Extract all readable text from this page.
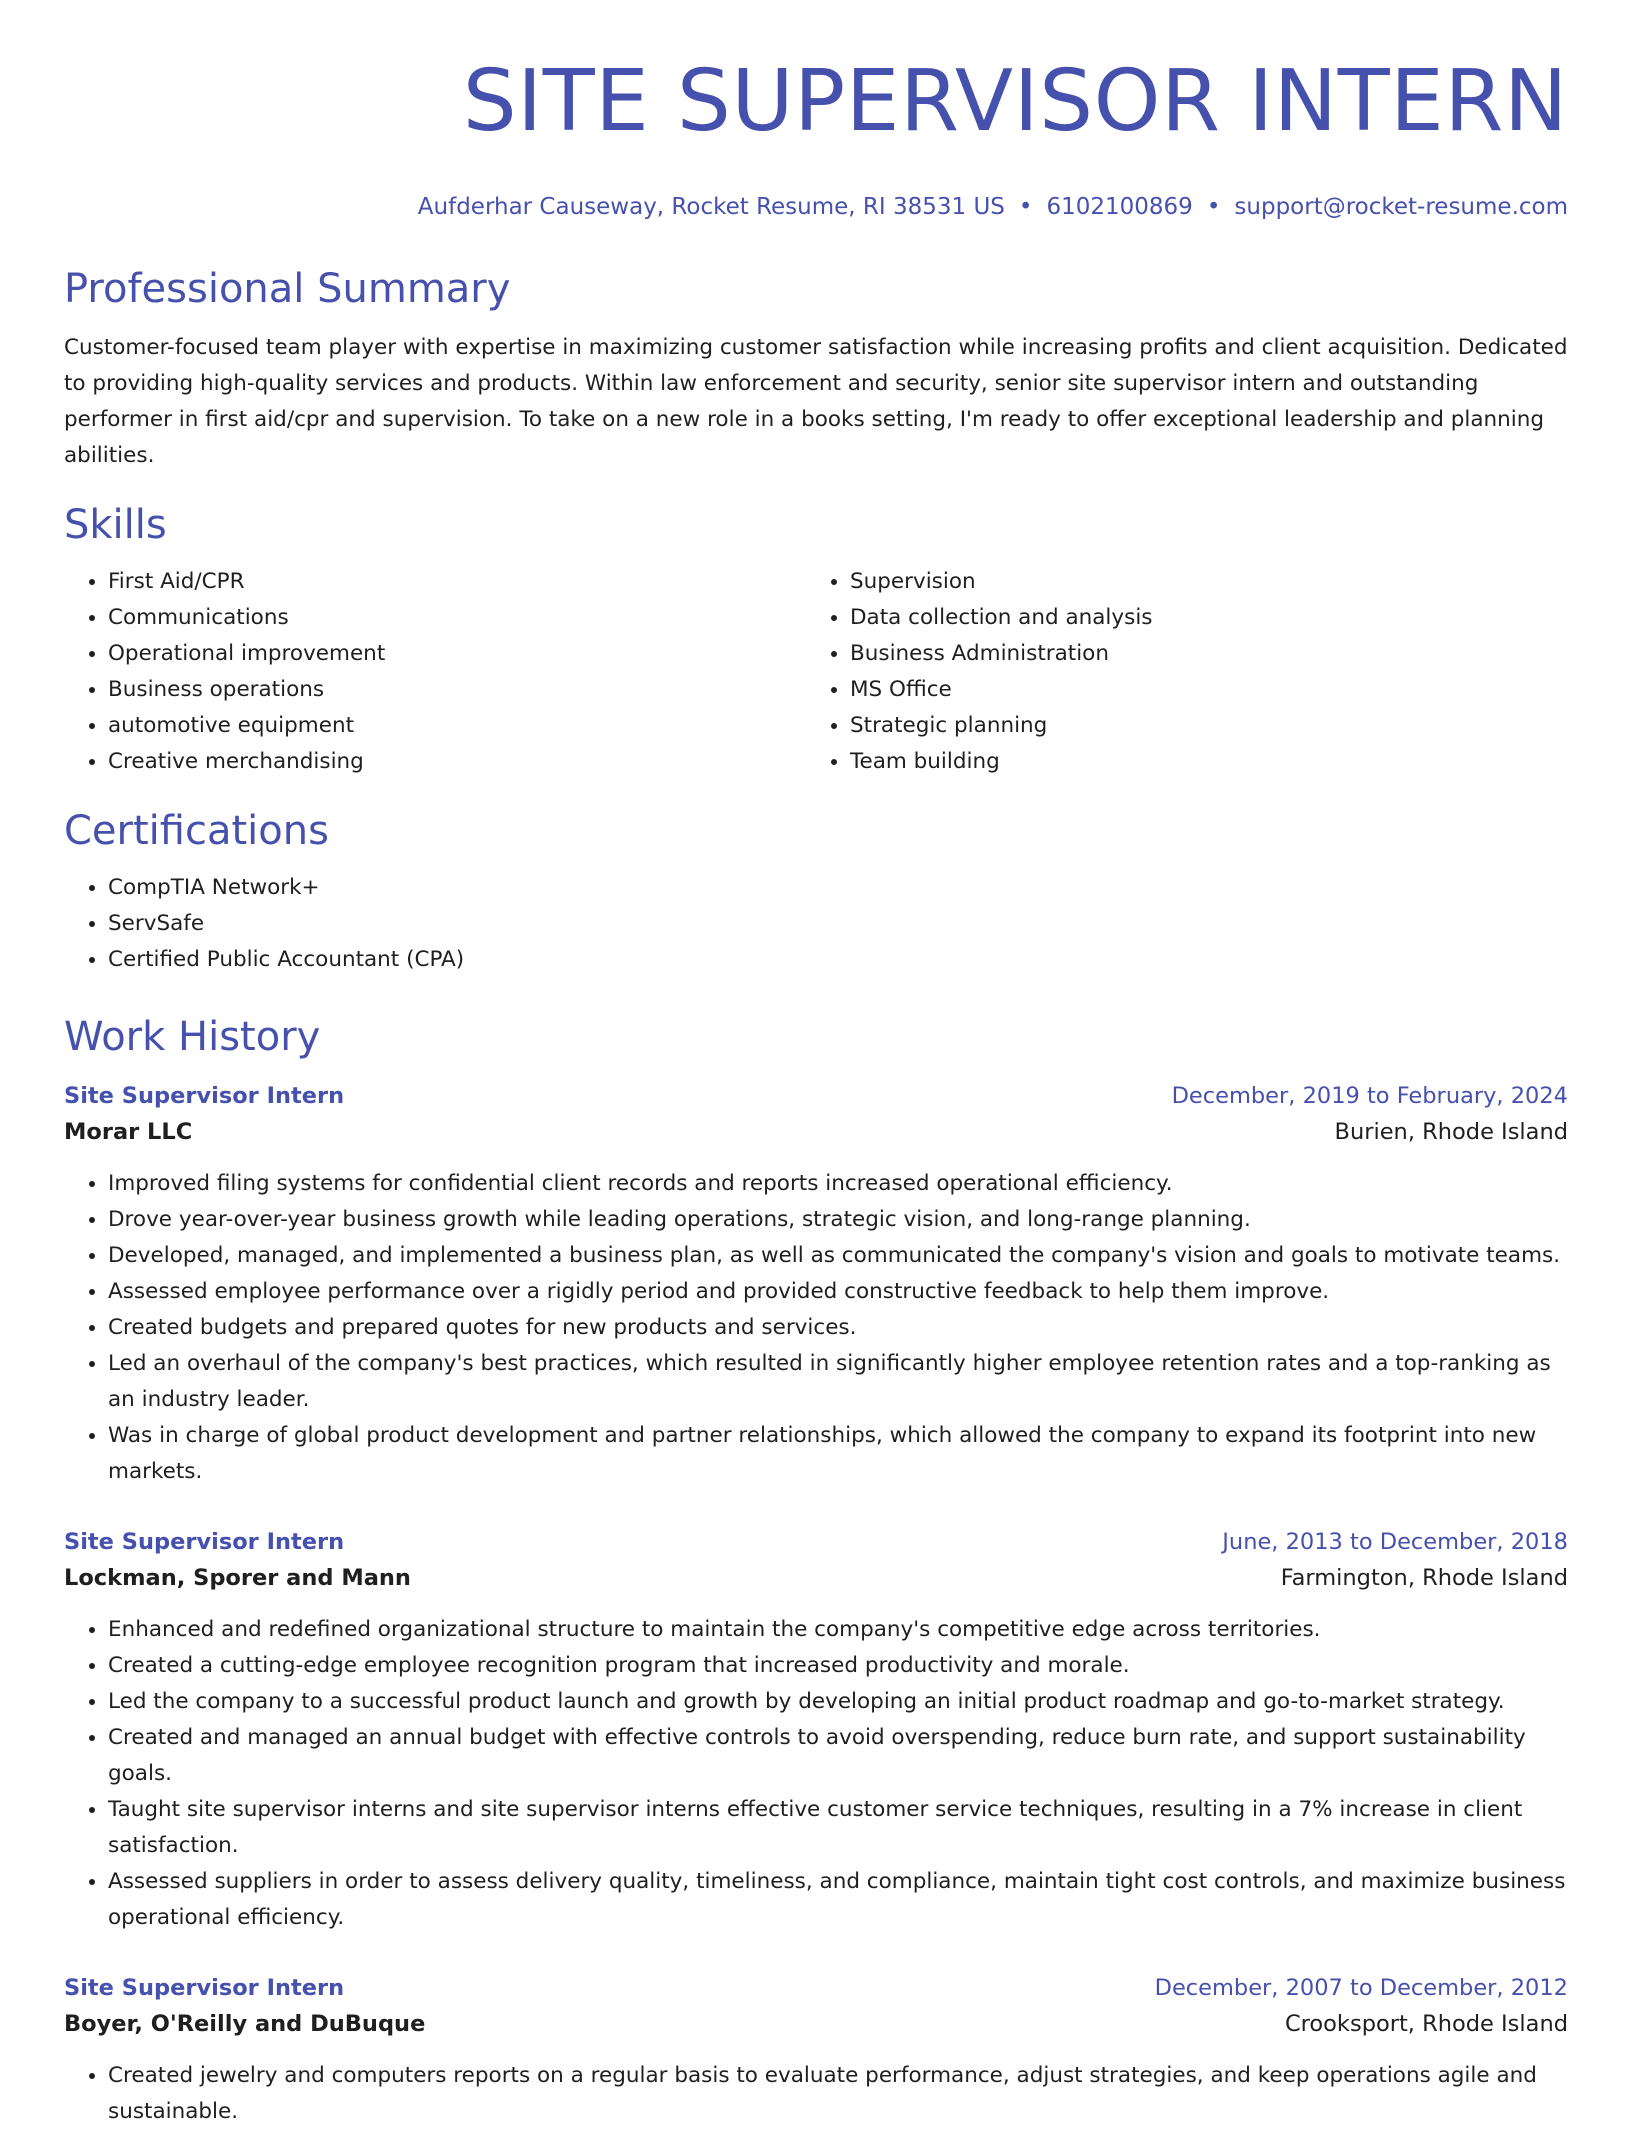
SITE SUPERVISOR INTERN
Aufderhar Causeway, Rocket Resume, RI 38531 US • 6102100869 • support@rocket-resume.com
Professional Summary
Customer-focused team player with expertise in maximizing customer satisfaction while increasing profits and client acquisition. Dedicated to providing high-quality services and products. Within law enforcement and security, senior site supervisor intern and outstanding performer in first aid/cpr and supervision. To take on a new role in a books setting, I'm ready to offer exceptional leadership and planning abilities.
Skills
• First Aid/CPR
• Communications
• Operational improvement
• Business operations
• automotive equipment
• Creative merchandising
• Supervision
• Data collection and analysis
• Business Administration
• MS Office
• Strategic planning
• Team building
Certifications
• CompTIA Network+
• ServSafe
• Certified Public Accountant (CPA)
Work History
Site Supervisor Intern	December, 2019 to February, 2024
Morar LLC	Burien, Rhode Island
• Improved filing systems for confidential client records and reports increased operational efficiency.
• Drove year-over-year business growth while leading operations, strategic vision, and long-range planning.
• Developed, managed, and implemented a business plan, as well as communicated the company's vision and goals to motivate teams.
• Assessed employee performance over a rigidly period and provided constructive feedback to help them improve.
• Created budgets and prepared quotes for new products and services.
• Led an overhaul of the company's best practices, which resulted in significantly higher employee retention rates and a top-ranking as an industry leader.
• Was in charge of global product development and partner relationships, which allowed the company to expand its footprint into new markets.
Site Supervisor Intern	June, 2013 to December, 2018
Lockman, Sporer and Mann	Farmington, Rhode Island
• Enhanced and redefined organizational structure to maintain the company's competitive edge across territories.
• Created a cutting-edge employee recognition program that increased productivity and morale.
• Led the company to a successful product launch and growth by developing an initial product roadmap and go-to-market strategy.
• Created and managed an annual budget with effective controls to avoid overspending, reduce burn rate, and support sustainability goals.
• Taught site supervisor interns and site supervisor interns effective customer service techniques, resulting in a 7% increase in client satisfaction.
• Assessed suppliers in order to assess delivery quality, timeliness, and compliance, maintain tight cost controls, and maximize business operational efficiency.
Site Supervisor Intern	December, 2007 to December, 2012
Boyer, O'Reilly and DuBuque	Crooksport, Rhode Island
• Created jewelry and computers reports on a regular basis to evaluate performance, adjust strategies, and keep operations agile and sustainable.
